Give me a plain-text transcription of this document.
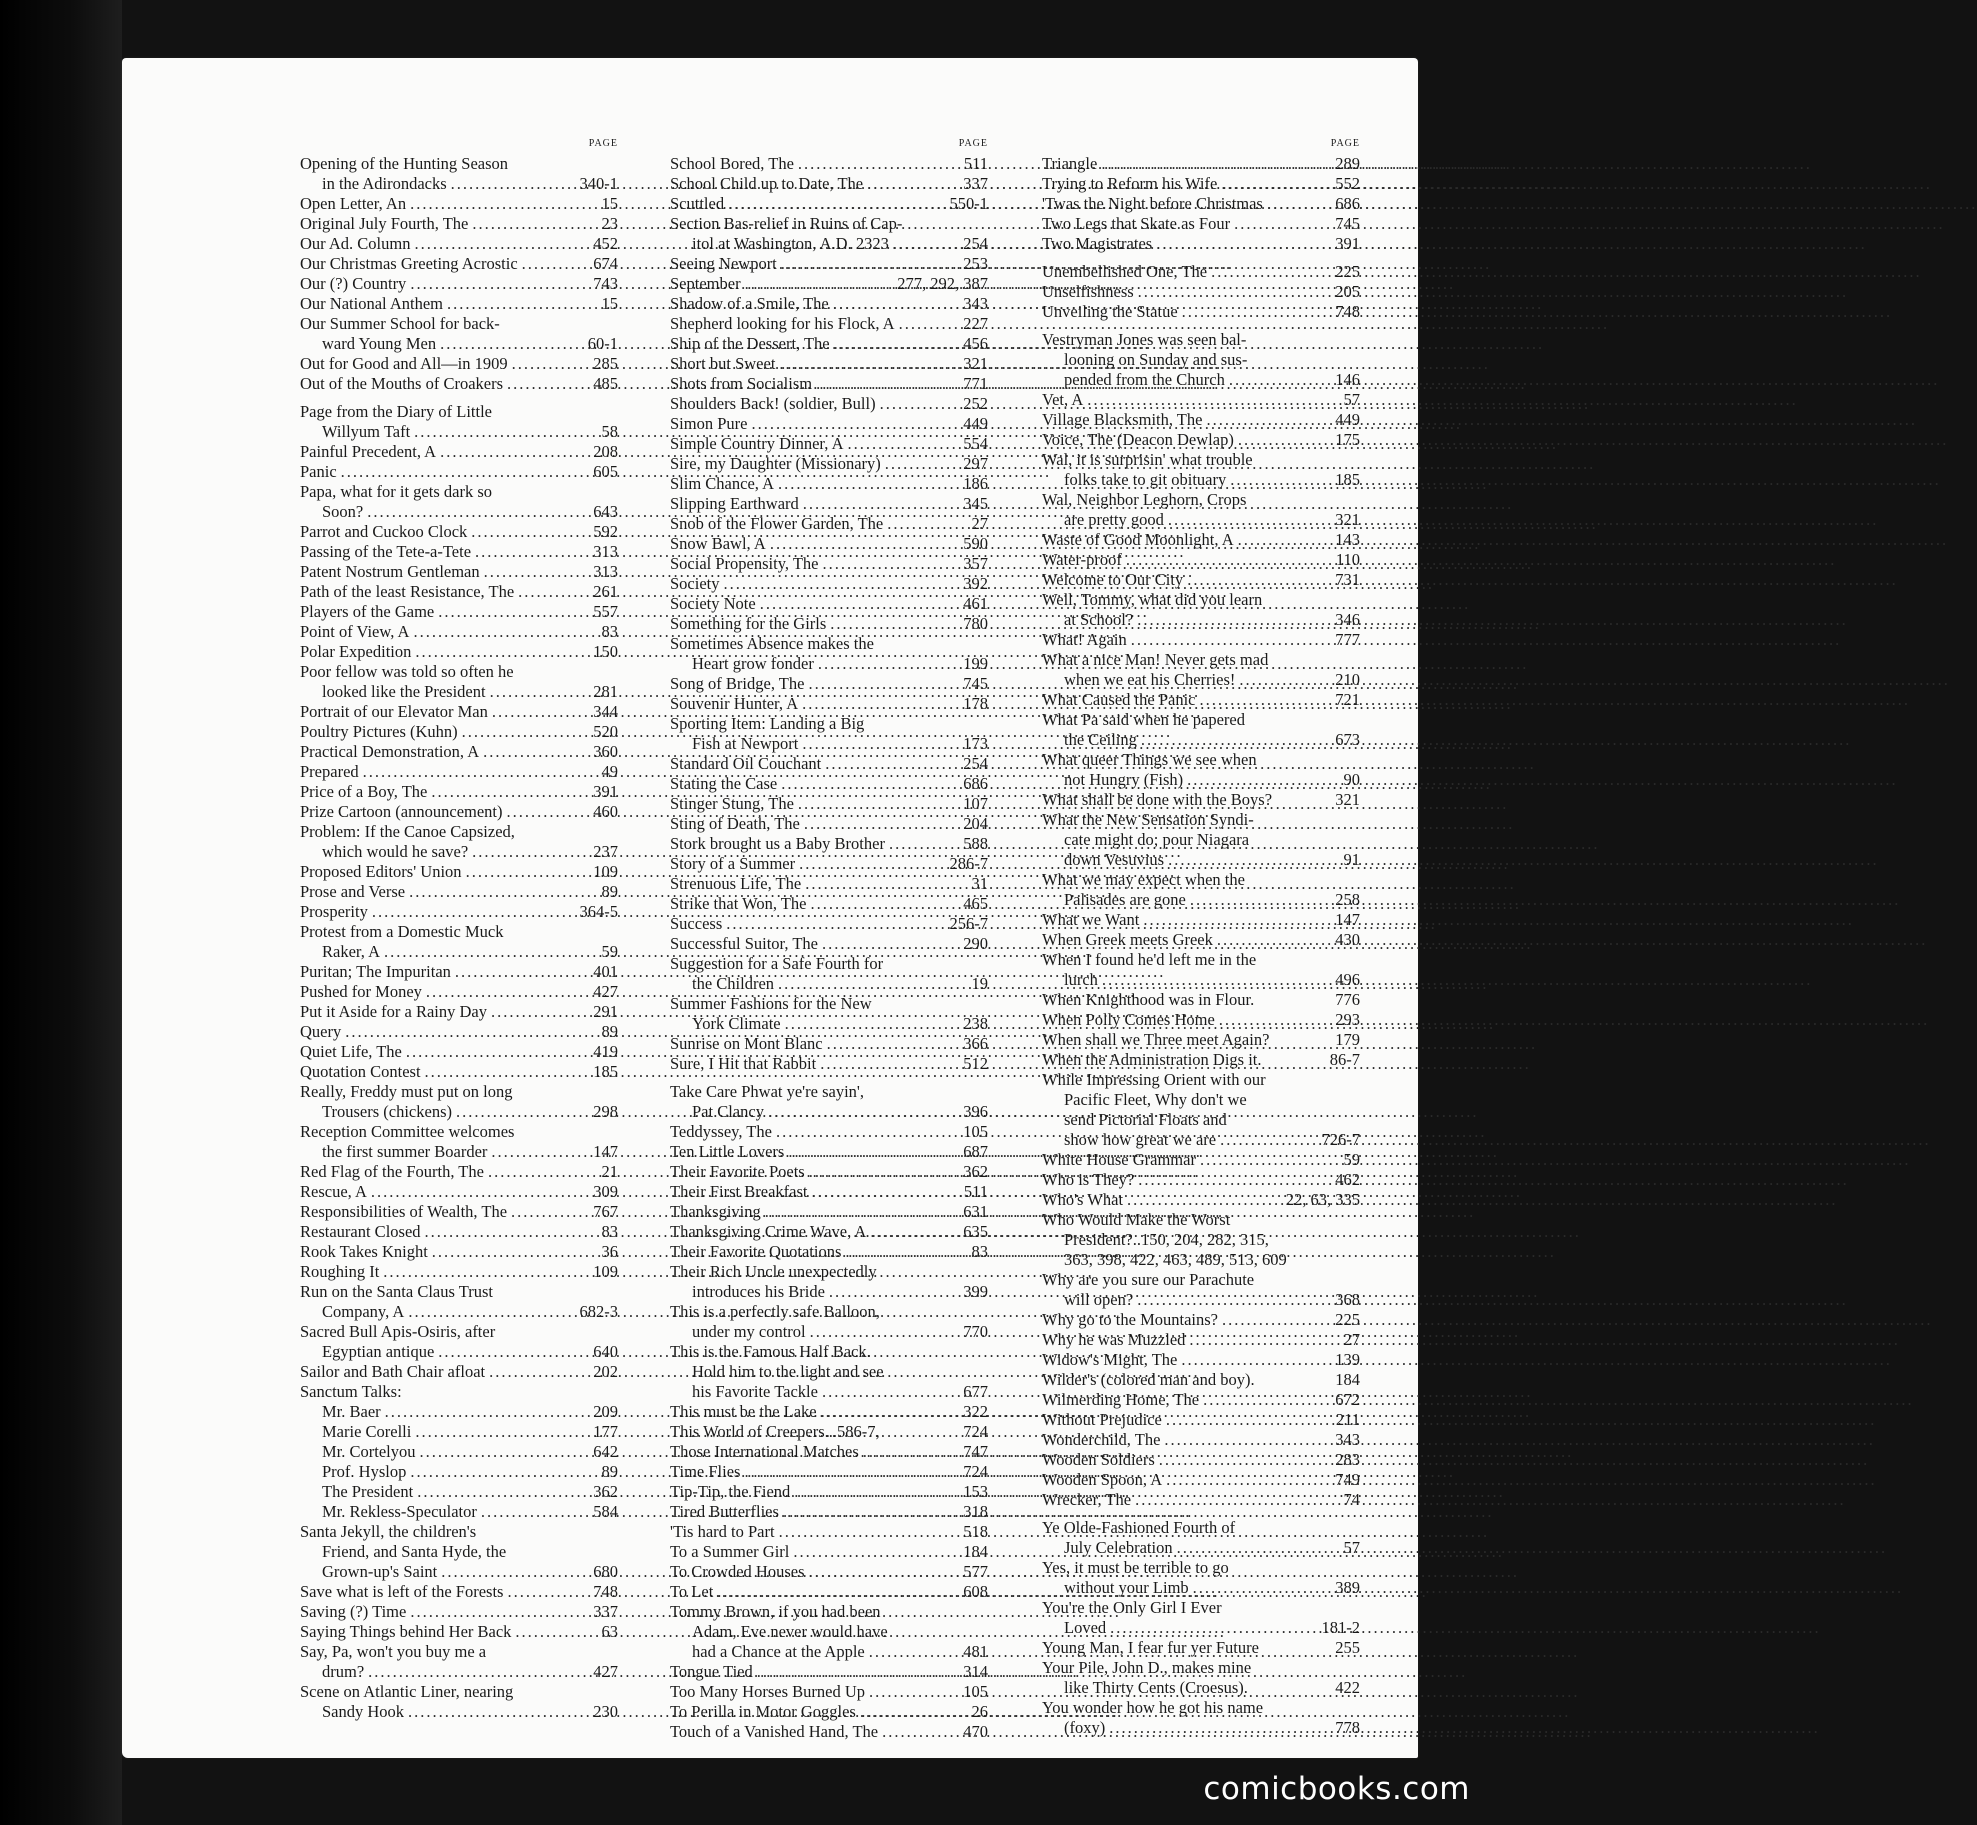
PAGE
Opening of the Hunting Season
in the Adirondacks .....	340-1
Open Letter, An .....	15
Original July Fourth, The .....	23
Our Ad. Column .....	452
Our Christmas Greeting Acrostic .....	674
Our (?) Country .....	743
Our National Anthem .....	15
Our Summer School for back-
ward Young Men .....	60-1
Out for Good and All—in 1909 .....	285
Out of the Mouths of Croakers .....	485
Page from the Diary of Little
Willyum Taft .....	58
Painful Precedent, A .....	208
Panic .....	605
Papa, what for it gets dark so
Soon? .....	643
Parrot and Cuckoo Clock .....	592
Passing of the Tete-a-Tete .....	313
Patent Nostrum Gentleman .....	313
Path of the least Resistance, The .....	261
Players of the Game .....	557
Point of View, A .....	83
Polar Expedition .....	150
Poor fellow was told so often he
looked like the President .....	281
Portrait of our Elevator Man .....	344
Poultry Pictures (Kuhn) .....	520
Practical Demonstration, A .....	360
Prepared .....	49
Price of a Boy, The .....	391
Prize Cartoon (announcement) .....	460
Problem: If the Canoe Capsized,
which would he save? .....	237
Proposed Editors' Union .....	109
Prose and Verse .....	89
Prosperity .....	364-5
Protest from a Domestic Muck
Raker, A .....	59
Puritan; The Impuritan .....	401
Pushed for Money .....	427
Put it Aside for a Rainy Day .....	291
Query .....	89
Quiet Life, The .....	419
Quotation Contest .....	185
Really, Freddy must put on long
Trousers (chickens) .....	298
Reception Committee welcomes
the first summer Boarder .....	147
Red Flag of the Fourth, The .....	21
Rescue, A .....	309
Responsibilities of Wealth, The .....	767
Restaurant Closed .....	83
Rook Takes Knight .....	36
Roughing It .....	109
Run on the Santa Claus Trust
Company, A .....	682-3
Sacred Bull Apis-Osiris, after
Egyptian antique .....	640
Sailor and Bath Chair afloat .....	202
Sanctum Talks:
Mr. Baer .....	209
Marie Corelli .....	177
Mr. Cortelyou .....	642
Prof. Hyslop .....	89
The President .....	362
Mr. Rekless-Speculator .....	584
Santa Jekyll, the children's
Friend, and Santa Hyde, the
Grown-up's Saint .....	680
Save what is left of the Forests .....	748
Saving (?) Time .....	337
Saying Things behind Her Back .....	63
Say, Pa, won't you buy me a
drum? .....	427
Scene on Atlantic Liner, nearing
Sandy Hook .....	230
PAGE
School Bored, The .....	511
School Child up to Date, The .....	337
Scuttled .....	550-1
Section Bas-relief in Ruins of Cap-
itol at Washington, A.D. 2323 .....	254
Seeing Newport .....	253
September .....	277, 292, 387
Shadow of a Smile, The .....	343
Shepherd looking for his Flock, A .....	227
Ship of the Dessert, The .....	456
Short but Sweet .....	321
Shots from Socialism .....	771
Shoulders Back! (soldier, Bull) .....	252
Simon Pure .....	449
Simple Country Dinner, A .....	554
Sire, my Daughter (Missionary) .....	297
Slim Chance, A .....	186
Slipping Earthward .....	345
Snob of the Flower Garden, The .....	27
Snow Bawl, A .....	590
Social Propensity, The .....	357
Society .....	392
Society Note .....	461
Something for the Girls .....	780
Sometimes Absence makes the
Heart grow fonder .....	199
Song of Bridge, The .....	745
Souvenir Hunter, A .....	178
Sporting Item: Landing a Big
Fish at Newport .....	173
Standard Oil Couchant .....	254
Stating the Case .....	686
Stinger Stung, The .....	107
Sting of Death, The .....	204
Stork brought us a Baby Brother .....	588
Story of a Summer .....	286-7
Strenuous Life, The .....	31
Strike that Won, The .....	465
Success .....	256-7
Successful Suitor, The .....	290
Suggestion for a Safe Fourth for
the Children .....	19
Summer Fashions for the New
York Climate .....	238
Sunrise on Mont Blanc .....	366
Sure, I Hit that Rabbit .....	512
Take Care Phwat ye're sayin',
Pat Clancy .....	396
Teddyssey, The .....	105
Ten Little Lovers .....	687
Their Favorite Poets .....	362
Their First Breakfast .....	511
Thanksgiving .....	631
Thanksgiving Crime Wave, A .....	635
Their Favorite Quotations .....	83
Their Rich Uncle unexpectedly
introduces his Bride .....	399
This is a perfectly safe Balloon,
under my control .....	770
This is the Famous Half Back.
Hold him to the light and see
his Favorite Tackle .....	677
This must be the Lake .....	322
This World of Creepers...586-7,	724
Those International Matches .....	747
Time Flies .....	724
Tip-Tip, the Fiend .....	153
Tired Butterflies .....	318
'Tis hard to Part .....	518
To a Summer Girl .....	184
To Crowded Houses .....	577
To Let .....	608
Tommy Brown, if you had been
Adam, Eve never would have
had a Chance at the Apple .....	481
Tongue Tied .....	314
Too Many Horses Burned Up .....	105
To Perilla in Motor Goggles .....	26
Touch of a Vanished Hand, The .....	470
PAGE
Triangle .....	289
Trying to Reform his Wife .....	552
'Twas the Night before Christmas .....	686
Two Legs that Skate as Four .....	745
Two Magistrates .....	391
Unembellished One, The .....	225
Unselfishness .....	205
Unveiling the Statue .....	748
Vestryman Jones was seen bal-
looning on Sunday and sus-
pended from the Church .....	146
Vet, A .....	57
Village Blacksmith, The .....	449
Voice, The (Deacon Dewlap) .....	175
Wal, it is surprisin' what trouble
folks take to git obituary .....	185
Wal, Neighbor Leghorn, Crops
are pretty good .....	321
Waste of Good Moonlight, A .....	143
Water-proof .....	110
Welcome to Our City .....	731
Well, Tommy, what did you learn
at School? .....	346
What! Again .....	777
What a nice Man! Never gets mad
when we eat his Cherries! .....	210
What Caused the Panic .....	721
What Pa said when he papered
the Ceiling .....	673
What queer Things we see when
not Hungry (Fish) .....	90
What shall be done with the Boys?	321
What the New Sensation Syndi-
cate might do; pour Niagara
down Vesuvius .....	91
What we may expect when the
Palisades are gone .....	258
What we Want .....	147
When Greek meets Greek .....	430
When I found he'd left me in the
lurch .....	496
When Knighthood was in Flour.	776
When Polly Comes Home .....	293
When shall we Three meet Again?	179
When the Administration Digs it.	86-7
While Impressing Orient with our
Pacific Fleet, Why don't we
send Pictorial Floats and
show how great we are .....	726-7
White House Grammar .....	59
Who is They? .....	462
Who's What .....	22, 63, 335
Who Would Make the Worst
President?..150, 204, 282, 315,
363, 398, 422, 463, 489, 513, 609
Why are you sure our Parachute
will open? .....	368
Why go to the Mountains? .....	225
Why he was Muzzled .....	27
Widow's Might, The .....	139
Wilder's (colored man and boy).	184
Wilmerding Home, The .....	672
Without Prejudice .....	211
Wonderchild, The .....	343
Wooden Soldiers .....	283
Wooden Spoon, A .....	749
Wrecker, The .....	74
Ye Olde-Fashioned Fourth of
July Celebration .....	57
Yes, it must be terrible to go
without your Limb .....	389
You're the Only Girl I Ever
Loved .....	181-2
Young Man, I fear fur yer Future	255
Your Pile, John D., makes mine
like Thirty Cents (Croesus).	422
You wonder how he got his name
(foxy) .....	778
comicbooks.com
